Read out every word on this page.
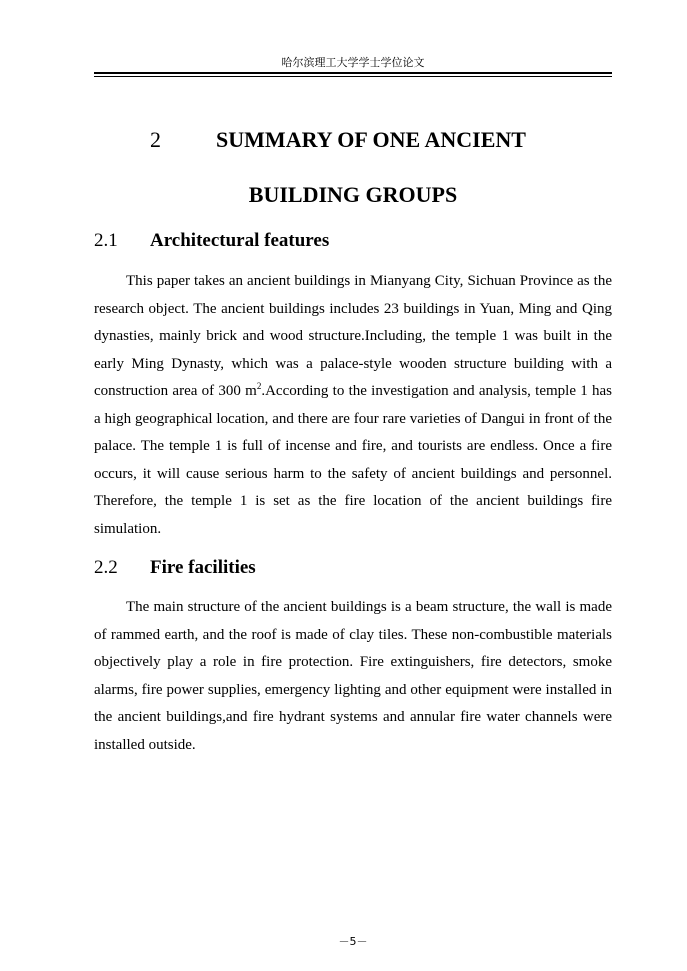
哈尔滨理工大学学士学位论文

2	SUMMARY OF ONE ANCIENT
BUILDING GROUPS
2.1 Architectural features

This paper takes an ancient buildings in Mianyang City, Sichuan Province as the research object. The ancient buildings includes 23 buildings in Yuan, Ming and Qing dynasties, mainly brick and wood structure.Including, the temple 1 was built in the early Ming Dynasty, which was a palace-style wooden structure building with a construction area of 300 $m^2.According$ to the investigation and analysis, temple 1 has a high geographical location, and there are four rare varieties of Dangui in front of the palace. The temple 1 is full of incense and fire, and tourists are endless. Once a fire occurs, it will cause serious harm to the safety of ancient buildings and personnel. Therefore, the temple 1 is set as the fire location of the ancient buildings fire simulation.

2.2 Fire facilities

The main structure of the ancient buildings is a beam structure, the wall is made of rammed earth, and the roof is made of clay tiles. These non-combustible materials objectively play a role in fire protection. Fire extinguishers, fire detectors, smoke alarms, fire power supplies, emergency lighting and other equipment were installed in the ancient buildings,and fire hydrant systems and annular fire water channels were installed outside.

－5－
